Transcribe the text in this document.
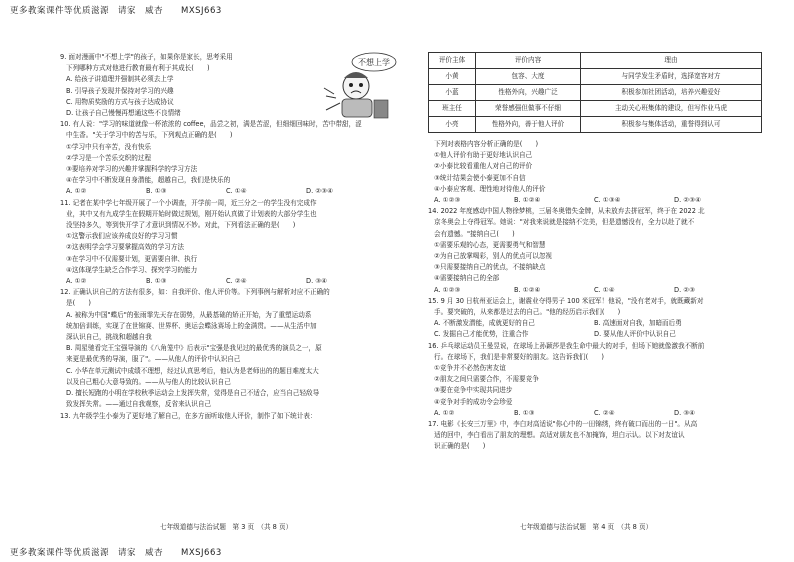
更多教案课件等优质滋源　请家　威杏　　MXSJ663
不想上学
9. 面对漫画中"不想上学"的孩子，如果你是家长，思考采用
下列哪种方式对他进行教育最有利于其成长(　　)
A. 给孩子讲道理并强制其必须去上学
B. 引导孩子发现并保持对学习的兴趣
C. 用物质奖励的方式与孩子达成协议
D. 让孩子自己慢慢再想通这些不良情绪
10. 有人说："学习的味道就像一杯浓浓的 coffee，品尝之初，满是苦涩，但细细回味时，苦中带甜，涩
中生香。"关于学习中的苦与乐，下列观点正确的是(　　)
①学习中只有辛苦，没有快乐
②学习是一个苦乐交织的过程
③要培养对学习的兴趣并掌握科学的学习方法
④在学习中不断发现自身潜能，超越自己，我们是快乐的
A. ①②	B. ①③	C. ①④	D. ②③④
11. 记者在某中学七年级开展了一个小调查，开学前一周，近三分之一的学生没有完成作
业，其中又有九成学生在假期开始时做过规划，刚开始认真做了计划表的大部分学生也
没坚持多久，等到快开学了才意识到情况不妙。对此，下列看法正确的是(　　)
①这警示我们应该养成良好的学习习惯
②这表明学会学习要掌握高效的学习方法
③在学习中不仅需要计划，更需要自律、执行
④这体现学生缺乏合作学习、探究学习的能力
A. ①②	B. ①③	C. ②④	D. ③④
12. 正确认识自己的方法有很多，如：自我评价、他人评价等。下列事例与解析对应不正确的
是(　　)
A. 被称为中国"蝶后"的张雨霏先天存在弱势，从最基础的矫正开始，为了重塑运动系
统加倍训练，实现了在世锦赛、世界杯、奥运会蝶泳赛场上的金满贯。——从生活中加
深认识自己，挑战和超越自我
B. 周星驰看完王宝强导演的《八角笼中》后表示"宝强是我见过的最优秀的演员之一，原
来更是最优秀的导演，服了"。——从他人的评价中认识自己
C. 小华在单元测试中成绩不理想，经过认真思考后，他认为是老师出的的题目难度太大
以及自己粗心大意导致的。——从与他人的比较认识自己
D. 擅长短跑的小明在学校秋季运动会上发挥失常，觉得是自己不适合，应当自己轻敌导
致发挥失常。——通过自我观察，反省来认识自己
13. 九年级学生小泰为了更好地了解自己，在多方面听取他人评价，制作了如下统计表：
评价主体	评价内容	理由
小黄	包容、大度	与同学发生矛盾时，选择宽容对方
小蓝	性格外向，兴趣广泛	积极参加社团活动，培养兴趣爱好
班主任	荣誉感强但做事不仔细	主动关心班集体的建设，但写作业马虎
小亮	性格外向，善于他人评价	积极参与集体活动，重誉得到认可
下列对表格内容分析正确的是(　　)
①他人评价有助于更好地认识自己
②小泰比较看重他人对自己的评价
③统计结果会使小泰更加不自信
④小泰应客观、理性地对待他人的评价
A. ①②③	B. ①②④	C. ①③④	D. ②③④
14. 2022 年度感动中国人物徐梦桃，三届冬奥错失金牌，从未放弃去拼冠军，终于在 2022 北
京冬奥会上夺得冠军。她说："对我来说就是接纳不完美，但是遗憾没有，全力以赴了就不
会有遗憾。"接纳自己(　　)
①需要乐观的心态，更需要勇气和智慧
②为自己放掌喝彩，别人的优点可以忽视
③只需要接纳自己的优点，不接纳缺点
④需要接纳自己的全部
A. ①②③	B. ①②④	C. ①④	D. ②③
15. 9 月 30 日杭州亚运会上，谢震业夺得男子 100 米冠军！他说，"没有老对手，就既藏新对
手。要突破的，从来都是过去的自己。"他的经历启示我们(　　)
A. 不断激发潜能，成就更好的自己	B. 高速面对自我，加暗而后勇
C. 发掘自己才能优势，注重合作	D. 要从他人评价中认识自己
16. 乒乓球运动员王曼昱说，在球场上孙颖莎是我生命中最大的对手，但场下她就像激我不断前
行。在球场下，我们是非常要好的朋友。这告诉我们(　　)
①竞争并不必然伤害友谊
②朋友之间只需要合作，不需要竞争
③要在竞争中实现共同进步
④竞争对手的成功令会珍爱
A. ①②	B. ①③	C. ②④	D. ③④
17. 电影《长安三万里》中，李白对高适说"你心中的一田锦绣，终有破口而出的一日"。从高
适的回中，李白看出了朋友的理想。高适对朋友也不加掩饰，坦白示认。以下对友谊认
识正确的是(　　)
七年级道德与法治试题　第 3 页　（共 8 页）	七年级道德与法治试题　第 4 页　（共 8 页）
更多教案课件等优质滋源　请家　威杏　　MXSJ663
